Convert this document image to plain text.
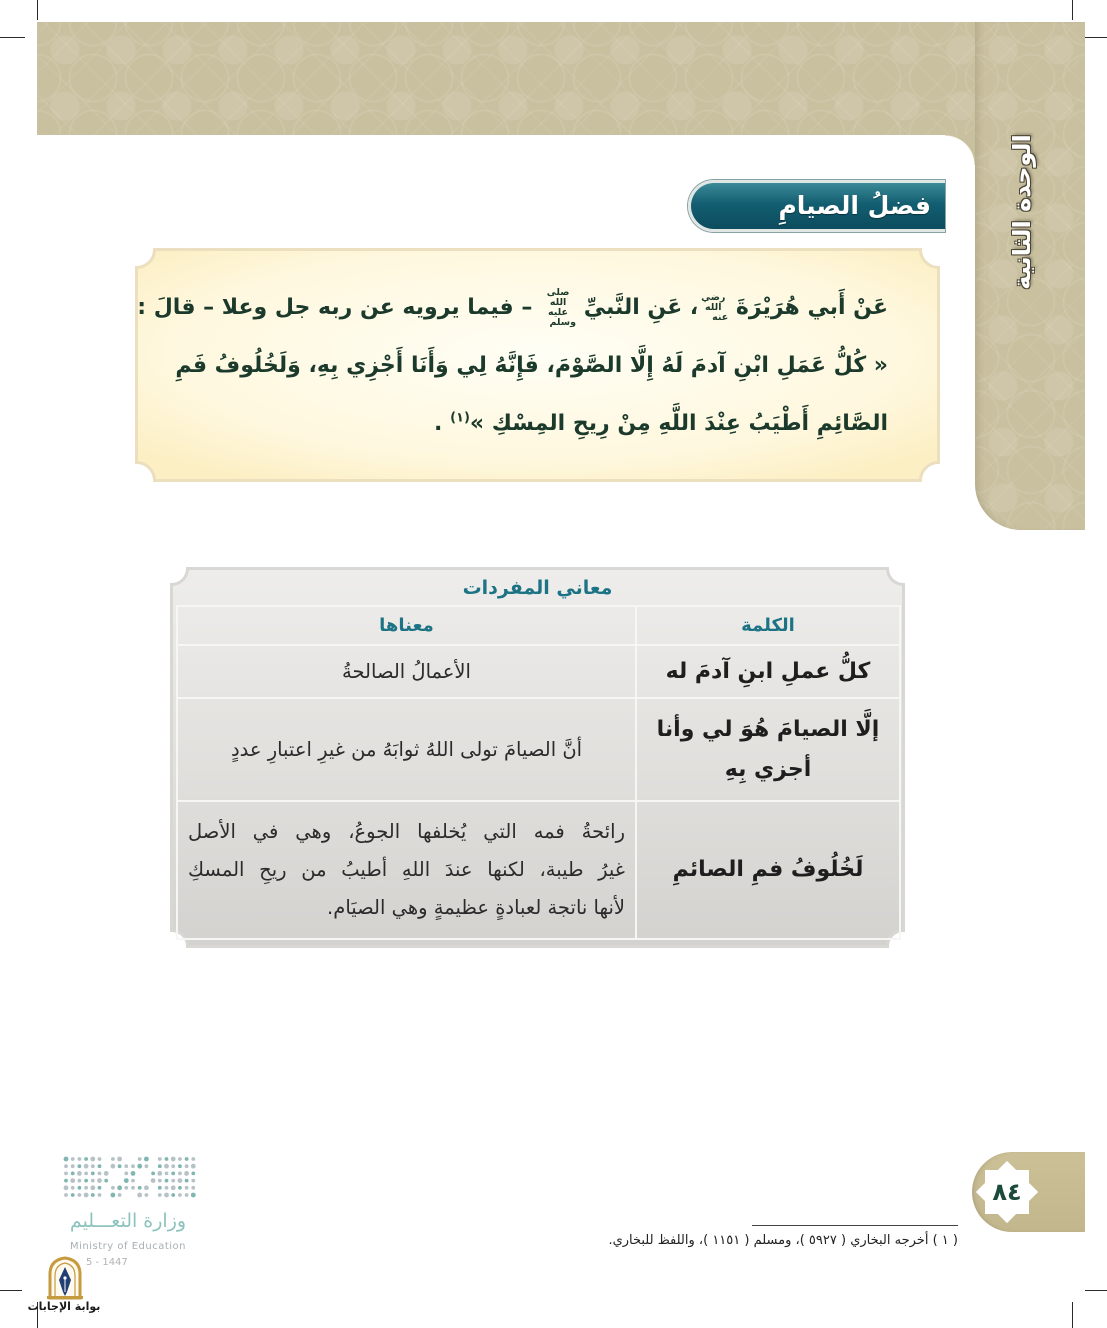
الوحدة الثانية
فضلُ الصيامِ
عَنْ أَبي هُرَيْرَةَ رضي الله عنه، عَنِ النَّبيِّ صلى الله عليه وسلم – فيما يرويه عن ربه جل وعلا – قالَ :
« كُلُّ عَمَلِ ابْنِ آدمَ لَهُ إِلَّا الصَّوْمَ، فَإِنَّهُ لِي وَأَنَا أَجْزِي بِهِ، وَلَخُلُوفُ فَمِ
الصَّائِمِ أَطْيَبُ عِنْدَ اللَّهِ مِنْ رِيحِ المِسْكِ »$^{(١)}$ .
معاني المفردات
الكلمة	معناها

كلُّ عملِ ابنِ آدمَ له	الأعمالُ الصالحةُ

إلَّا الصيامَ هُوَ لي وأنا
أجزي بِهِ	أنَّ الصيامَ تولى اللهُ ثوابَهُ من غيرِ اعتبارِ عددٍ

لَخُلُوفُ فمِ الصائمِ	رائحةُ فمه التي يُخلفها الجوعُ، وهي في الأصل
غيرُ طيبة، لكنها عندَ اللهِ أطيبُ من ريحِ المسكِ
لأنها ناتجة لعبادةٍ عظيمةٍ وهي الصيَام.
٨٤
( ١ ) أخرجه البخاري ( ٥٩٢٧ )، ومسلم ( ١١٥١ )، واللفظ للبخاري.
وزارة التعـــليم
Ministry of Education
5 - 1447
بوابة الإجابات
